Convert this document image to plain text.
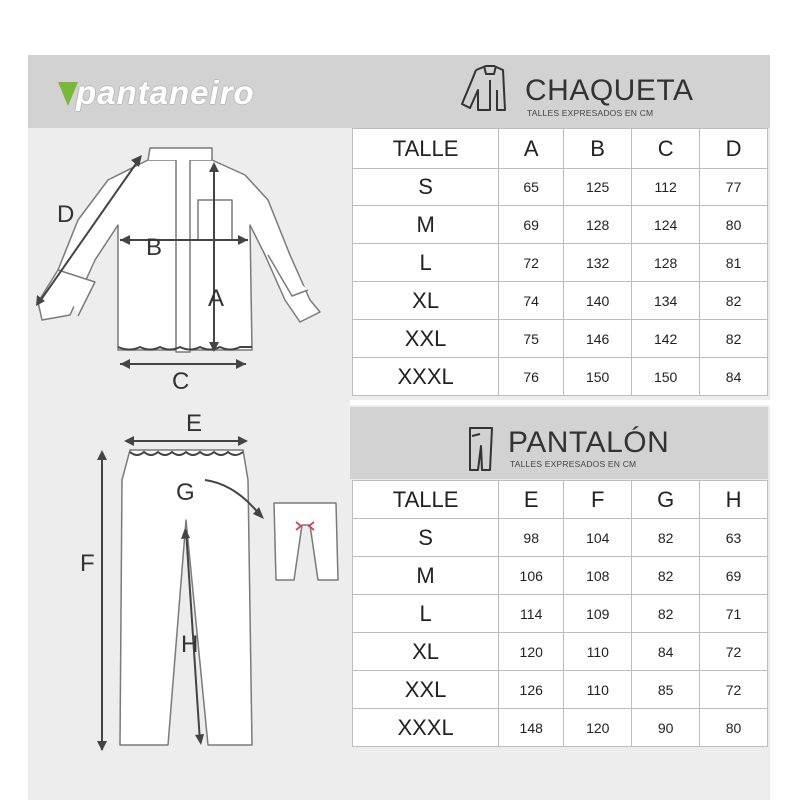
pantaneiro	CHAQUETA
TALLES EXPRESADOS EN CM
PANTALÓN
TALLES EXPRESADOS EN CM
TALLE	A	B	C	D
S	65	125	112	77
M	69	128	124	80
L	72	132	128	81
XL	74	140	134	82
XXL	75	146	142	82
XXXL	76	150	150	84
TALLE	E	F	G	H
S	98	104	82	63
M	106	108	82	69
L	114	109	82	71
XL	120	110	84	72
XXL	126	110	85	72
XXXL	148	120	90	80
D
B
A
C
E
G
F
H
